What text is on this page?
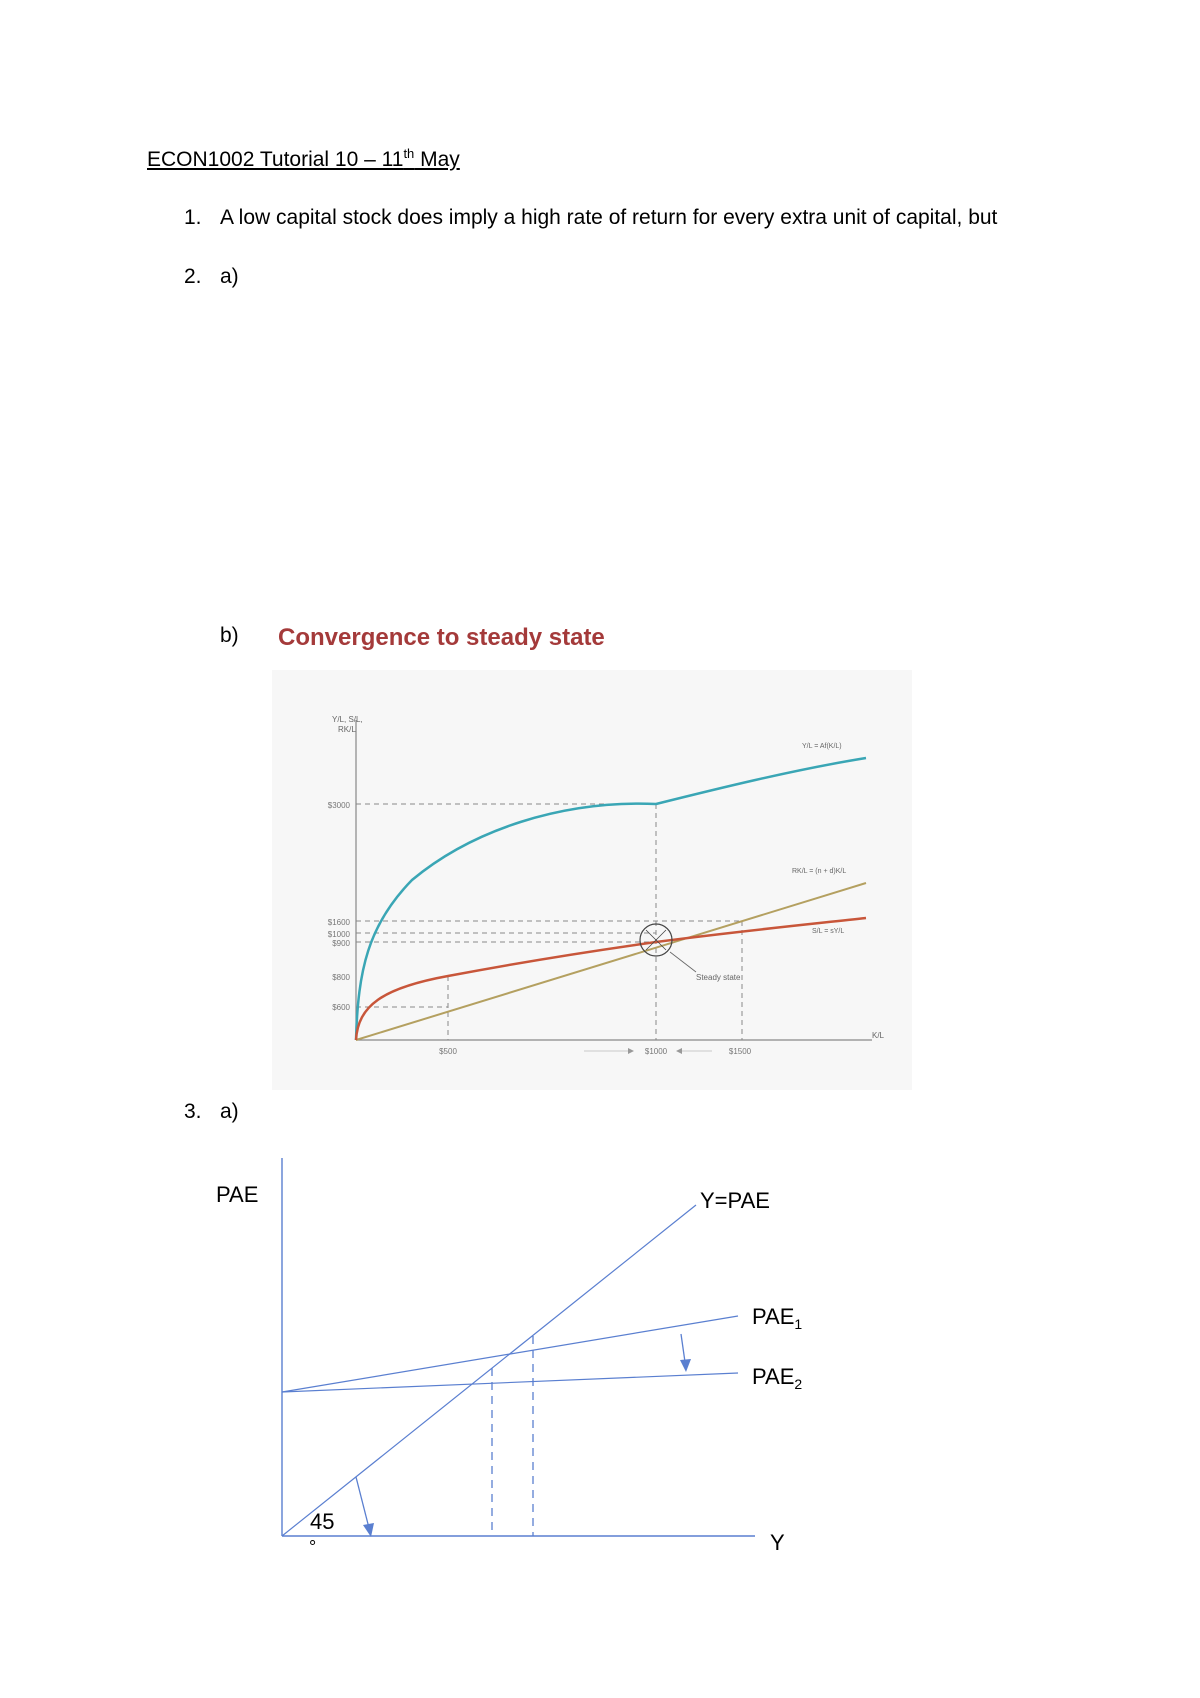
ECON1002 Tutorial 10 – 11th May
1. A low capital stock does imply a high rate of return for every extra unit of capital, but
2. a)
b) Convergence to steady state
Y/L, S/L,
RK/L
K/L
$3000
$1600
$1000
$900
$800
$600
$500	$1000	$1500
Steady state
Y/L = Af(K/L)
RK/L = (n + d)K/L
S/L = sY/L
3. a)
PAE
Y
Y=PAE
$PAE_1$
$PAE_2$
45
°
